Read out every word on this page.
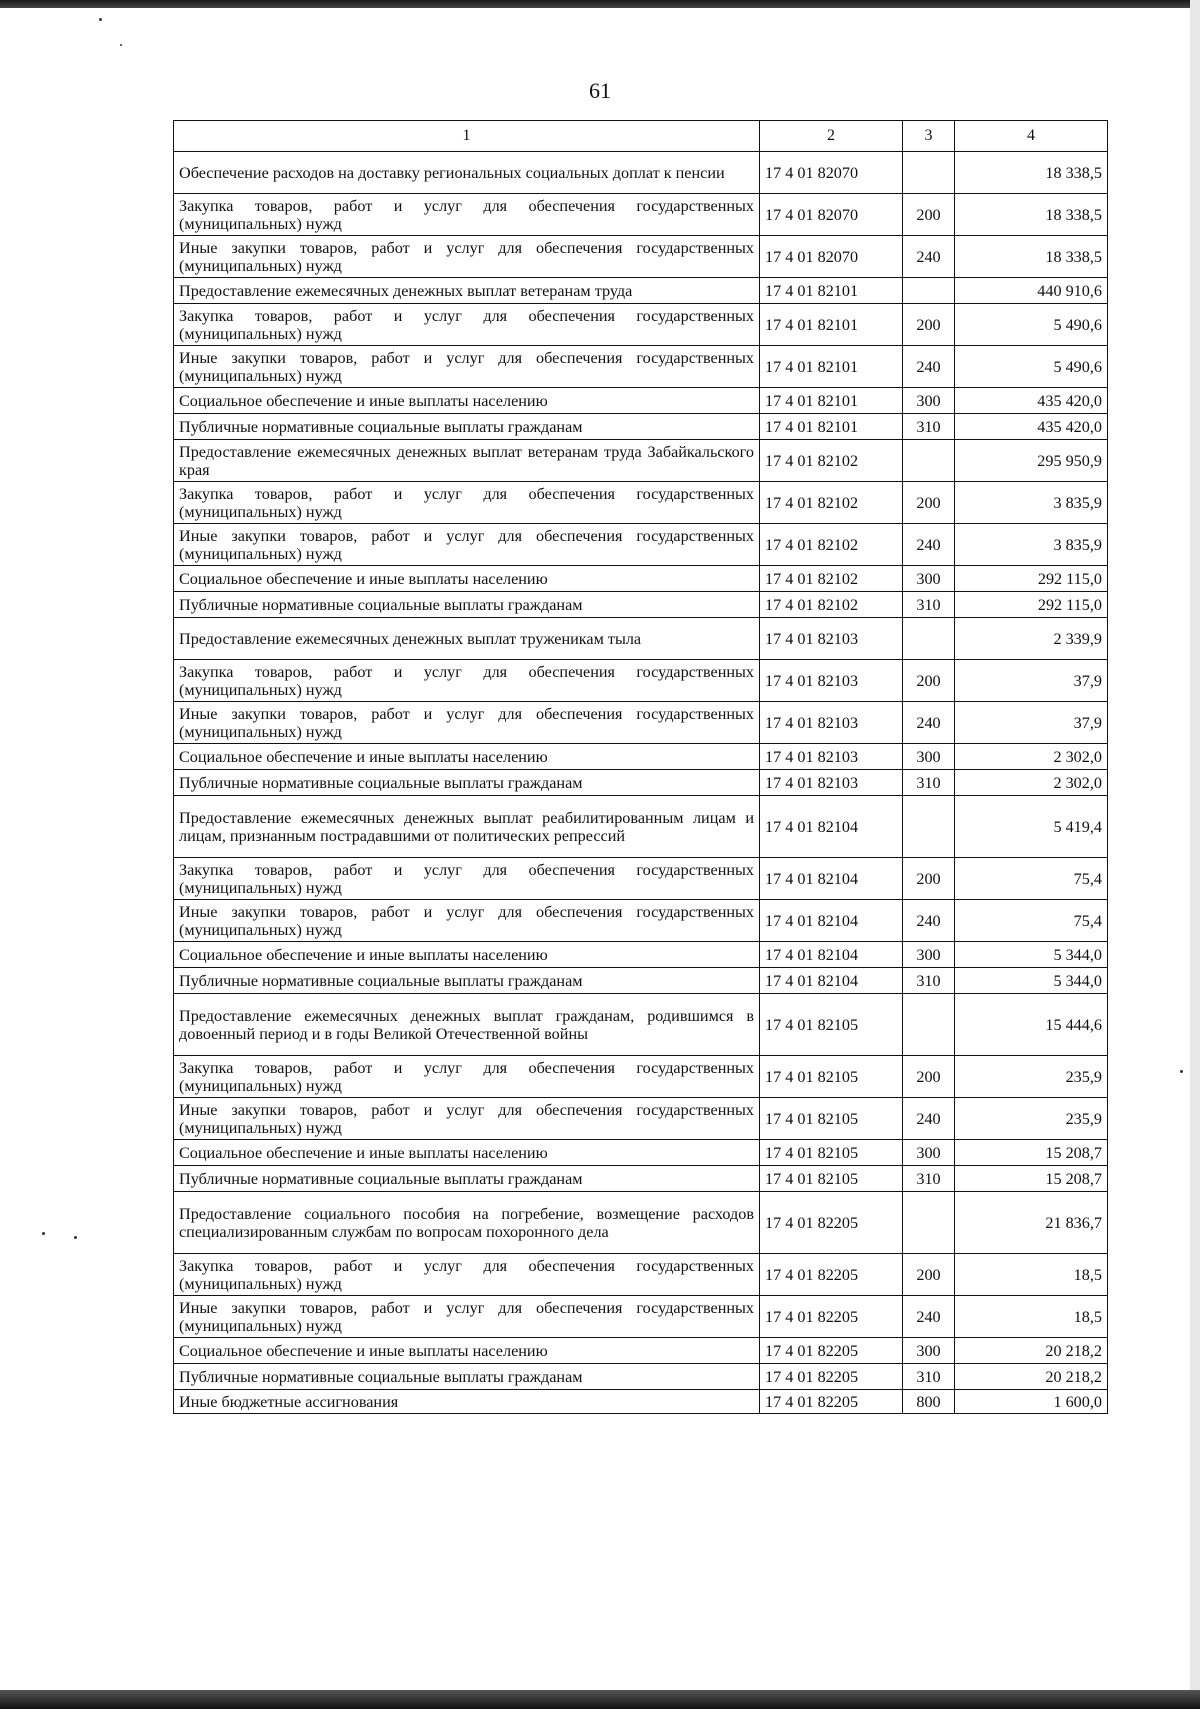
61
1	2	3	4
Обеспечение расходов на доставку региональных социальных доплат к пенсии	17 4 01 82070		18 338,5
Закупка товаров, работ и услуг для обеспечения государственных (муниципальных) нужд	17 4 01 82070	200	18 338,5
Иные закупки товаров, работ и услуг для обеспечения государственных (муниципальных) нужд	17 4 01 82070	240	18 338,5
Предоставление ежемесячных денежных выплат ветеранам труда	17 4 01 82101		440 910,6
Закупка товаров, работ и услуг для обеспечения государственных (муниципальных) нужд	17 4 01 82101	200	5 490,6
Иные закупки товаров, работ и услуг для обеспечения государственных (муниципальных) нужд	17 4 01 82101	240	5 490,6
Социальное обеспечение и иные выплаты населению	17 4 01 82101	300	435 420,0
Публичные нормативные социальные выплаты гражданам	17 4 01 82101	310	435 420,0
Предоставление ежемесячных денежных выплат ветеранам труда Забайкальского края	17 4 01 82102		295 950,9
Закупка товаров, работ и услуг для обеспечения государственных (муниципальных) нужд	17 4 01 82102	200	3 835,9
Иные закупки товаров, работ и услуг для обеспечения государственных (муниципальных) нужд	17 4 01 82102	240	3 835,9
Социальное обеспечение и иные выплаты населению	17 4 01 82102	300	292 115,0
Публичные нормативные социальные выплаты гражданам	17 4 01 82102	310	292 115,0
Предоставление ежемесячных денежных выплат труженикам тыла	17 4 01 82103		2 339,9
Закупка товаров, работ и услуг для обеспечения государственных (муниципальных) нужд	17 4 01 82103	200	37,9
Иные закупки товаров, работ и услуг для обеспечения государственных (муниципальных) нужд	17 4 01 82103	240	37,9
Социальное обеспечение и иные выплаты населению	17 4 01 82103	300	2 302,0
Публичные нормативные социальные выплаты гражданам	17 4 01 82103	310	2 302,0
Предоставление ежемесячных денежных выплат реабилитированным лицам и лицам, признанным пострадавшими от политических репрессий	17 4 01 82104		5 419,4
Закупка товаров, работ и услуг для обеспечения государственных (муниципальных) нужд	17 4 01 82104	200	75,4
Иные закупки товаров, работ и услуг для обеспечения государственных (муниципальных) нужд	17 4 01 82104	240	75,4
Социальное обеспечение и иные выплаты населению	17 4 01 82104	300	5 344,0
Публичные нормативные социальные выплаты гражданам	17 4 01 82104	310	5 344,0
Предоставление ежемесячных денежных выплат гражданам, родившимся в довоенный период и в годы Великой Отечественной войны	17 4 01 82105		15 444,6
Закупка товаров, работ и услуг для обеспечения государственных (муниципальных) нужд	17 4 01 82105	200	235,9
Иные закупки товаров, работ и услуг для обеспечения государственных (муниципальных) нужд	17 4 01 82105	240	235,9
Социальное обеспечение и иные выплаты населению	17 4 01 82105	300	15 208,7
Публичные нормативные социальные выплаты гражданам	17 4 01 82105	310	15 208,7
Предоставление социального пособия на погребение, возмещение расходов специализированным службам по вопросам похоронного дела	17 4 01 82205		21 836,7
Закупка товаров, работ и услуг для обеспечения государственных (муниципальных) нужд	17 4 01 82205	200	18,5
Иные закупки товаров, работ и услуг для обеспечения государственных (муниципальных) нужд	17 4 01 82205	240	18,5
Социальное обеспечение и иные выплаты населению	17 4 01 82205	300	20 218,2
Публичные нормативные социальные выплаты гражданам	17 4 01 82205	310	20 218,2
Иные бюджетные ассигнования	17 4 01 82205	800	1 600,0
